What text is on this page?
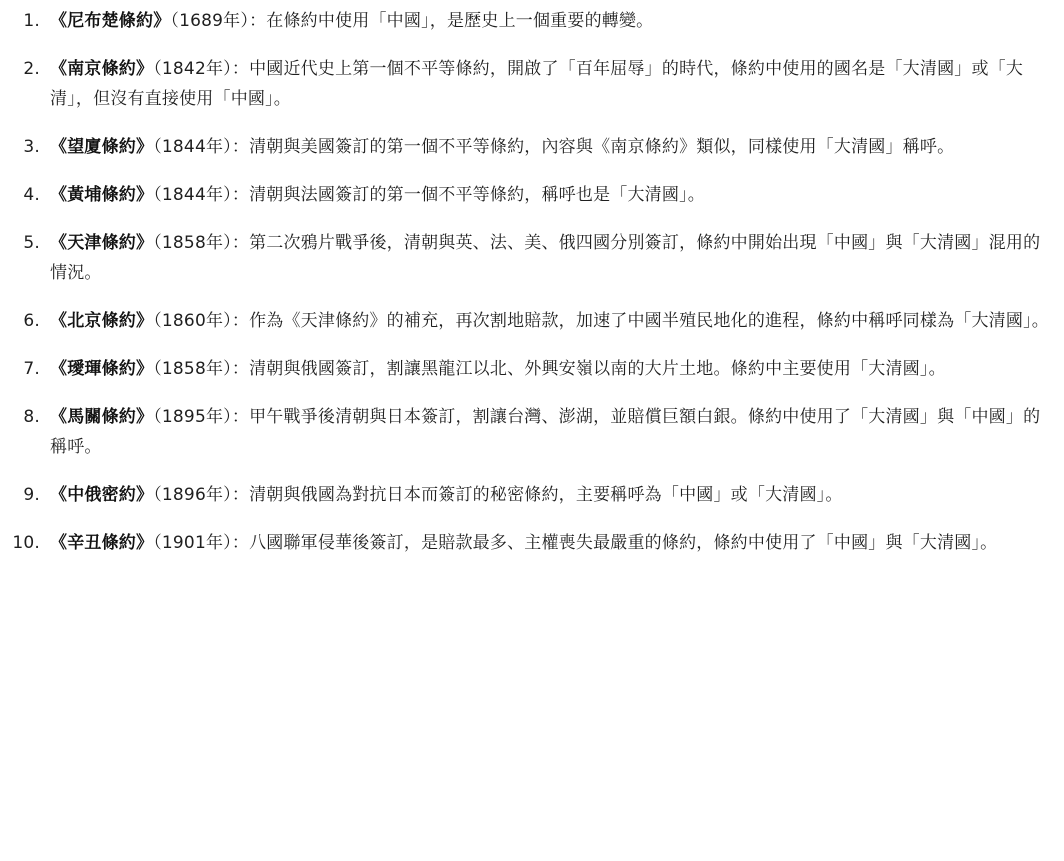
1. 《尼布楚條約》（1689年）：在條約中使用「中國」，是歷史上一個重要的轉變。
2. 《南京條約》（1842年）：中國近代史上第一個不平等條約，開啟了「百年屈辱」的時代，條約中使用的國名是「大清國」或「大清」，但沒有直接使用「中國」。
3. 《望廈條約》（1844年）：清朝與美國簽訂的第一個不平等條約，內容與《南京條約》類似，同樣使用「大清國」稱呼。
4. 《黃埔條約》（1844年）：清朝與法國簽訂的第一個不平等條約，稱呼也是「大清國」。
5. 《天津條約》（1858年）：第二次鴉片戰爭後，清朝與英、法、美、俄四國分別簽訂，條約中開始出現「中國」與「大清國」混用的情況。
6. 《北京條約》（1860年）：作為《天津條約》的補充，再次割地賠款，加速了中國半殖民地化的進程，條約中稱呼同樣為「大清國」。
7. 《璦琿條約》（1858年）：清朝與俄國簽訂，割讓黑龍江以北、外興安嶺以南的大片土地。條約中主要使用「大清國」。
8. 《馬關條約》（1895年）：甲午戰爭後清朝與日本簽訂，割讓台灣、澎湖，並賠償巨額白銀。條約中使用了「大清國」與「中國」的稱呼。
9. 《中俄密約》（1896年）：清朝與俄國為對抗日本而簽訂的秘密條約，主要稱呼為「中國」或「大清國」。
10. 《辛丑條約》（1901年）：八國聯軍侵華後簽訂，是賠款最多、主權喪失最嚴重的條約，條約中使用了「中國」與「大清國」。
